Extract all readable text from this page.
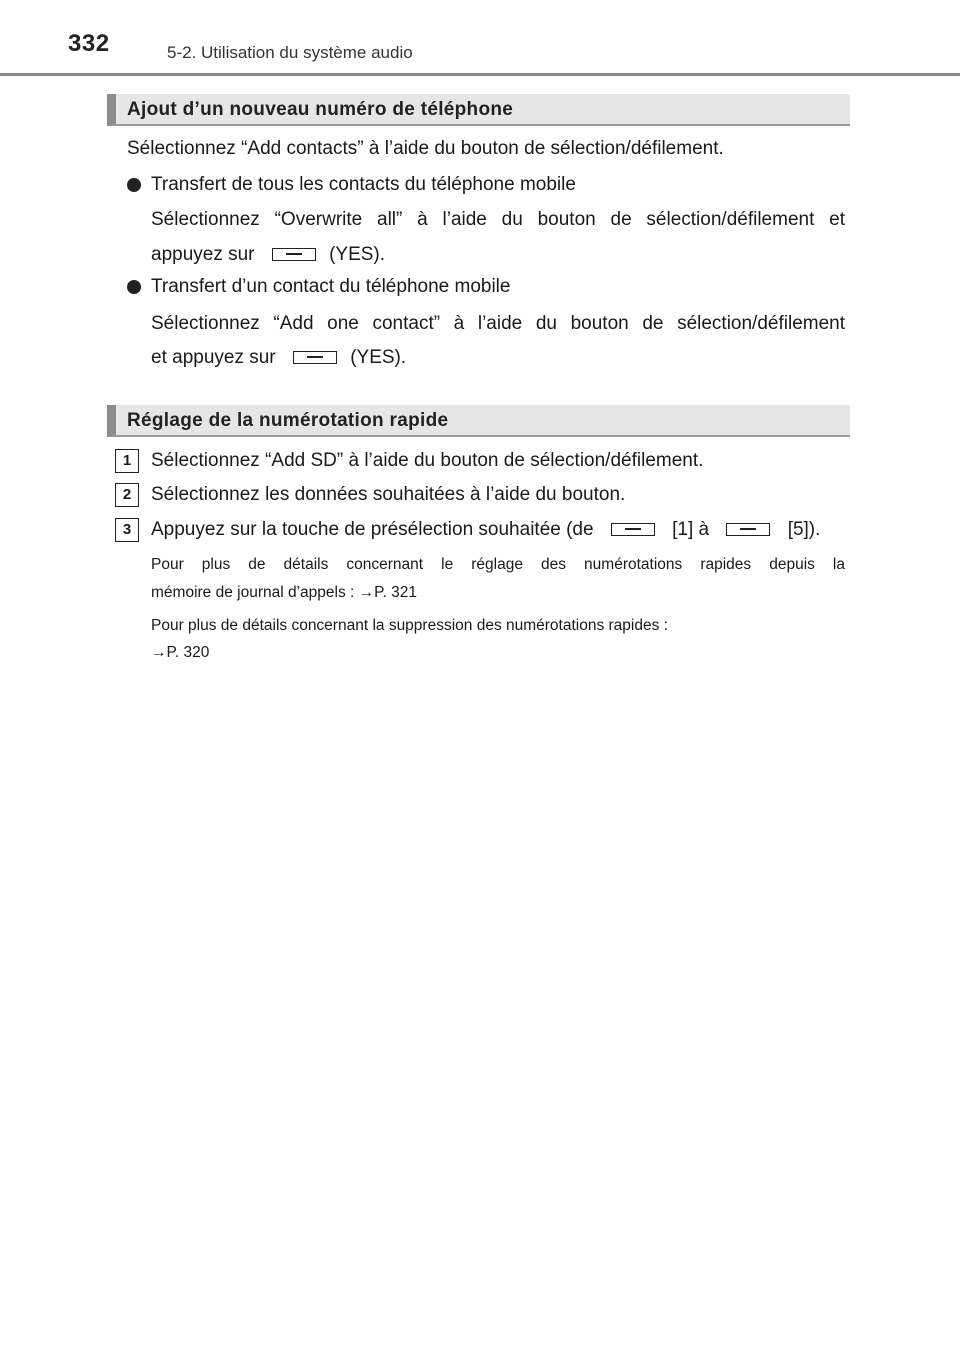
332	5-2. Utilisation du système audio
Ajout d’un nouveau numéro de téléphone
Sélectionnez “Add contacts” à l’aide du bouton de sélection/défilement.
Transfert de tous les contacts du téléphone mobile
Sélectionnez “Overwrite all” à l’aide du bouton de sélection/défilement et
appuyez sur	(YES).
Transfert d’un contact du téléphone mobile
Sélectionnez “Add one contact” à l’aide du bouton de sélection/défilement
et appuyez sur	(YES).
Réglage de la numérotation rapide
1	Sélectionnez “Add SD” à l’aide du bouton de sélection/défilement.
2	Sélectionnez les données souhaitées à l’aide du bouton.
3	Appuyez sur la touche de présélection souhaitée (de	[1] à	[5]).
Pour plus de détails concernant le réglage des numérotations rapides depuis la
mémoire de journal d’appels : →P. 321
Pour plus de détails concernant la suppression des numérotations rapides :
→P. 320
